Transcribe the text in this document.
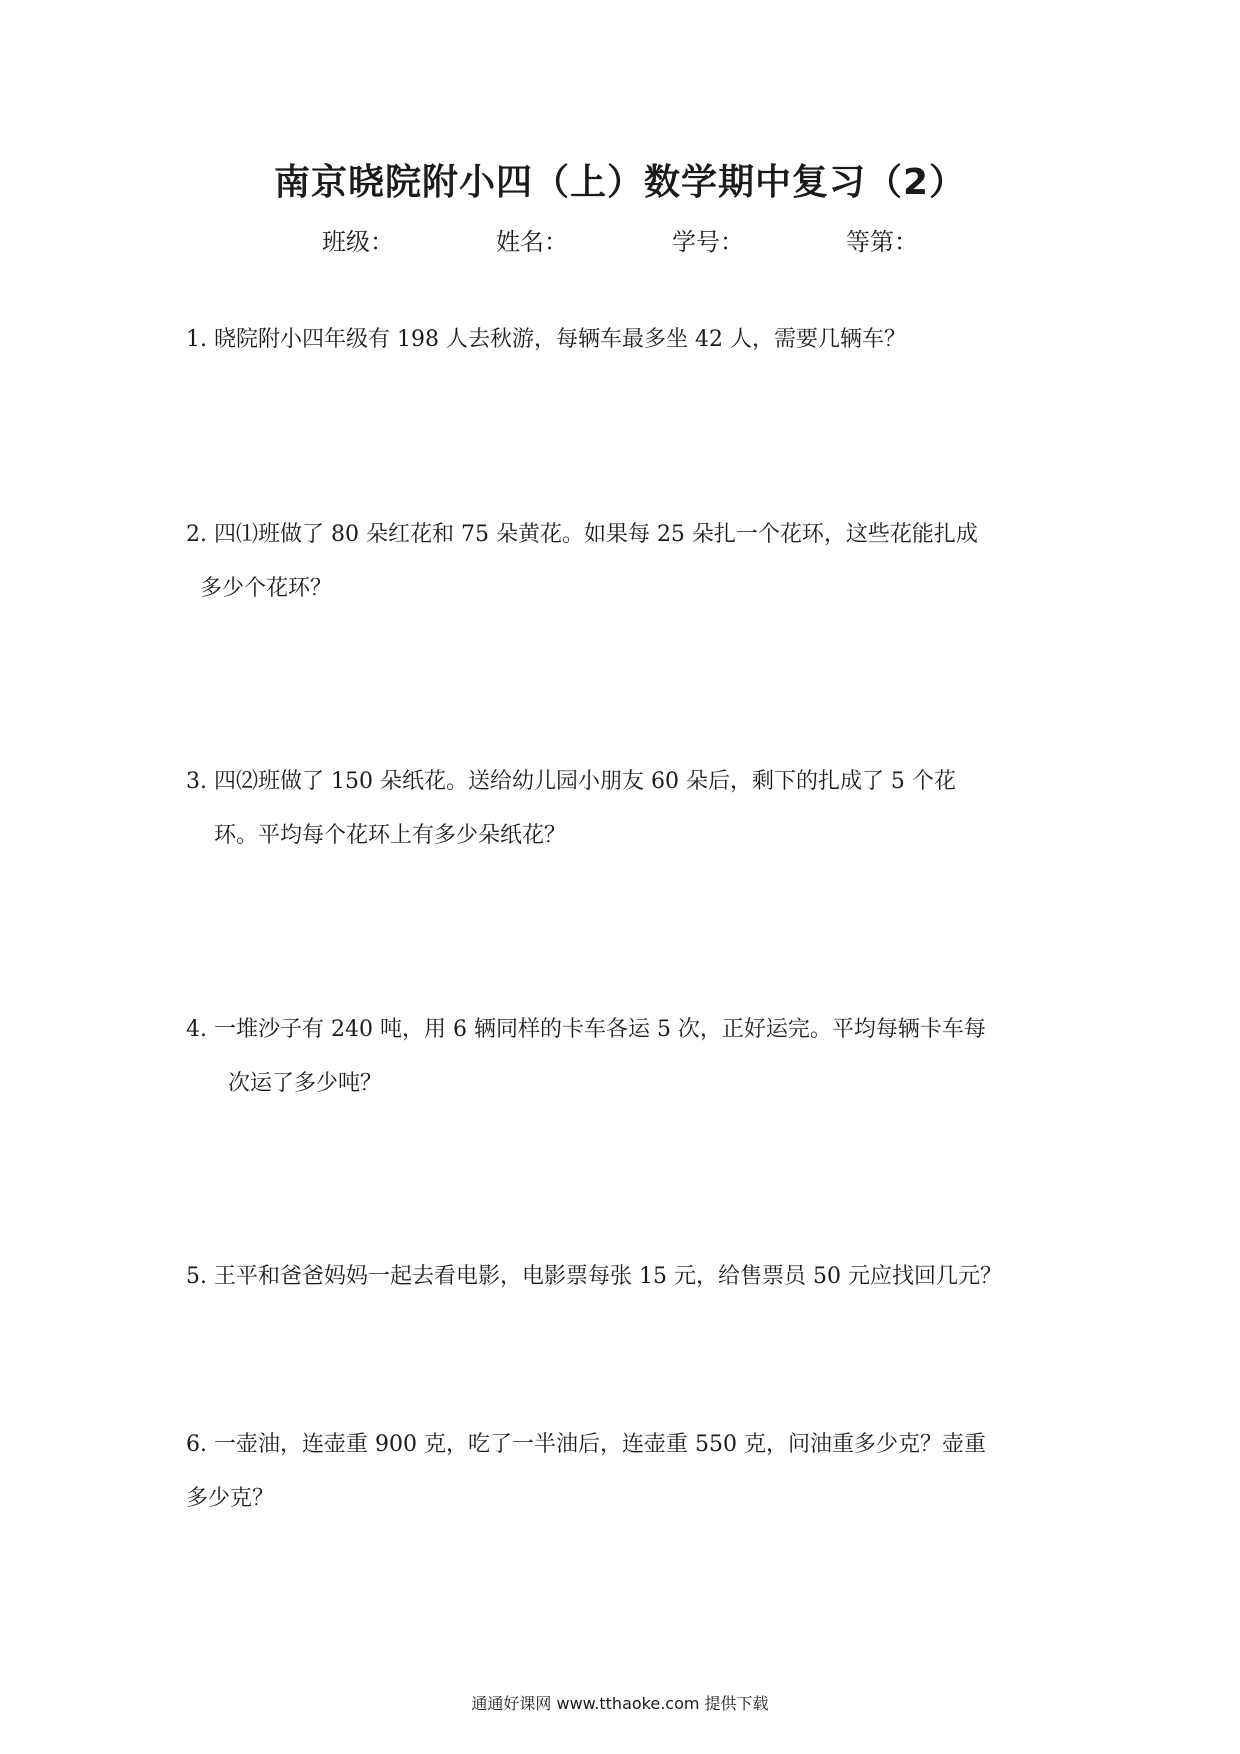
南京晓院附小四（上）数学期中复习（2）
班级：	姓名：	学号：	等第：
1. 晓院附小四年级有 198 人去秋游，每辆车最多坐 42 人，需要几辆车？
2. 四⑴班做了 80 朵红花和 75 朵黄花。如果每 25 朵扎一个花环，这些花能扎成
多少个花环？
3. 四⑵班做了 150 朵纸花。送给幼儿园小朋友 60 朵后，剩下的扎成了 5 个花
环。平均每个花环上有多少朵纸花？
4. 一堆沙子有 240 吨，用 6 辆同样的卡车各运 5 次，正好运完。平均每辆卡车每
次运了多少吨？
5. 王平和爸爸妈妈一起去看电影，电影票每张 15 元，给售票员 50 元应找回几元？
6. 一壶油，连壶重 900 克，吃了一半油后，连壶重 550 克，问油重多少克？壶重
多少克？
通通好课网 www.tthaoke.com 提供下载
